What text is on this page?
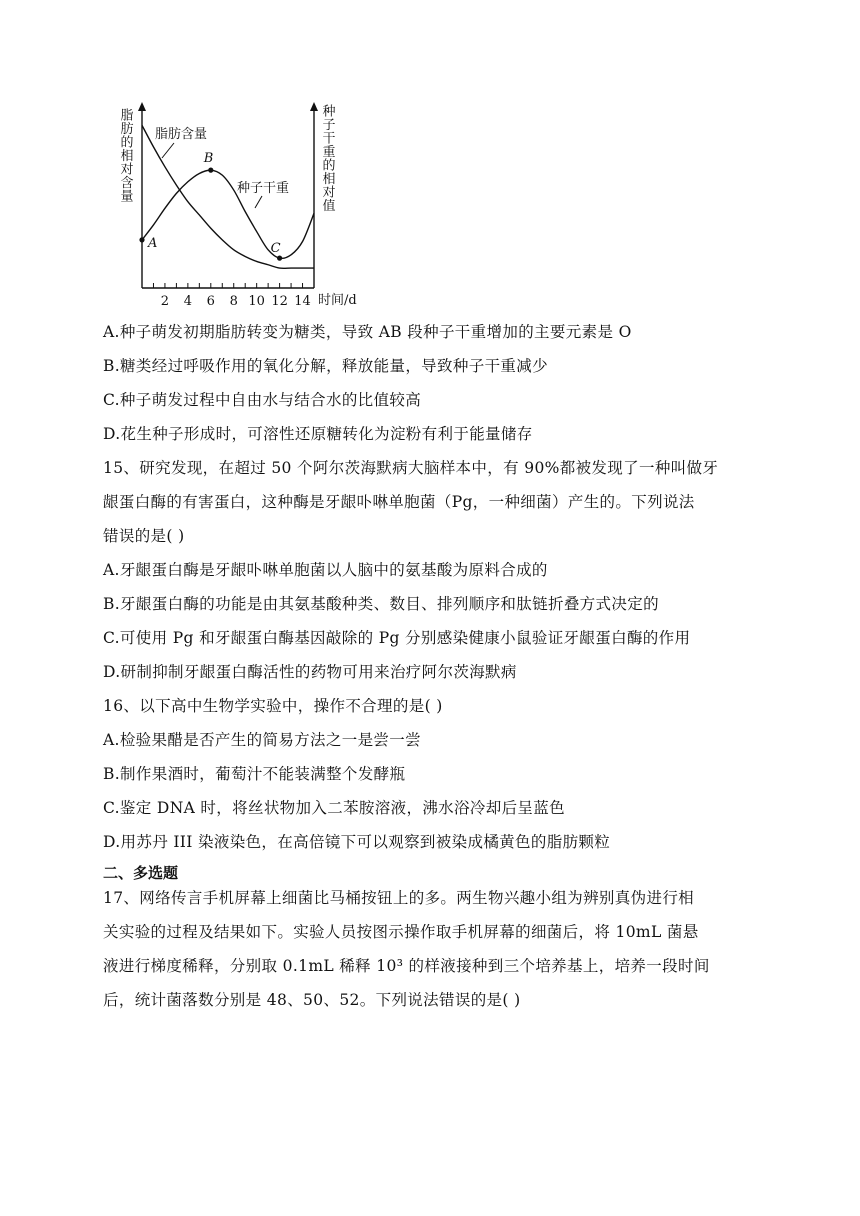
A
B
C
2 4 6 8 10 12 14 时间/d
脂肪的相对含量	种子干重的相对值
脂肪含量
种子干重
A.种子萌发初期脂肪转变为糖类，导致 AB 段种子干重增加的主要元素是 O
B.糖类经过呼吸作用的氧化分解，释放能量，导致种子干重减少
C.种子萌发过程中自由水与结合水的比值较高
D.花生种子形成时，可溶性还原糖转化为淀粉有利于能量储存
15、研究发现，在超过 50 个阿尔茨海默病大脑样本中，有 90%都被发现了一种叫做牙
龈蛋白酶的有害蛋白，这种酶是牙龈卟啉单胞菌（Pg，一种细菌）产生的。下列说法
错误的是( )
A.牙龈蛋白酶是牙龈卟啉单胞菌以人脑中的氨基酸为原料合成的
B.牙龈蛋白酶的功能是由其氨基酸种类、数目、排列顺序和肽链折叠方式决定的
C.可使用 Pg 和牙龈蛋白酶基因敲除的 Pg 分别感染健康小鼠验证牙龈蛋白酶的作用
D.研制抑制牙龈蛋白酶活性的药物可用来治疗阿尔茨海默病
16、以下高中生物学实验中，操作不合理的是( )
A.检验果醋是否产生的简易方法之一是尝一尝
B.制作果酒时，葡萄汁不能装满整个发酵瓶
C.鉴定 DNA 时，将丝状物加入二苯胺溶液，沸水浴冷却后呈蓝色
D.用苏丹 III 染液染色，在高倍镜下可以观察到被染成橘黄色的脂肪颗粒
二、多选题
17、网络传言手机屏幕上细菌比马桶按钮上的多。两生物兴趣小组为辨别真伪进行相
关实验的过程及结果如下。实验人员按图示操作取手机屏幕的细菌后，将 10mL 菌悬
液进行梯度稀释，分别取 0.1mL 稀释 10³ 的样液接种到三个培养基上，培养一段时间
后，统计菌落数分别是 48、50、52。下列说法错误的是( )
